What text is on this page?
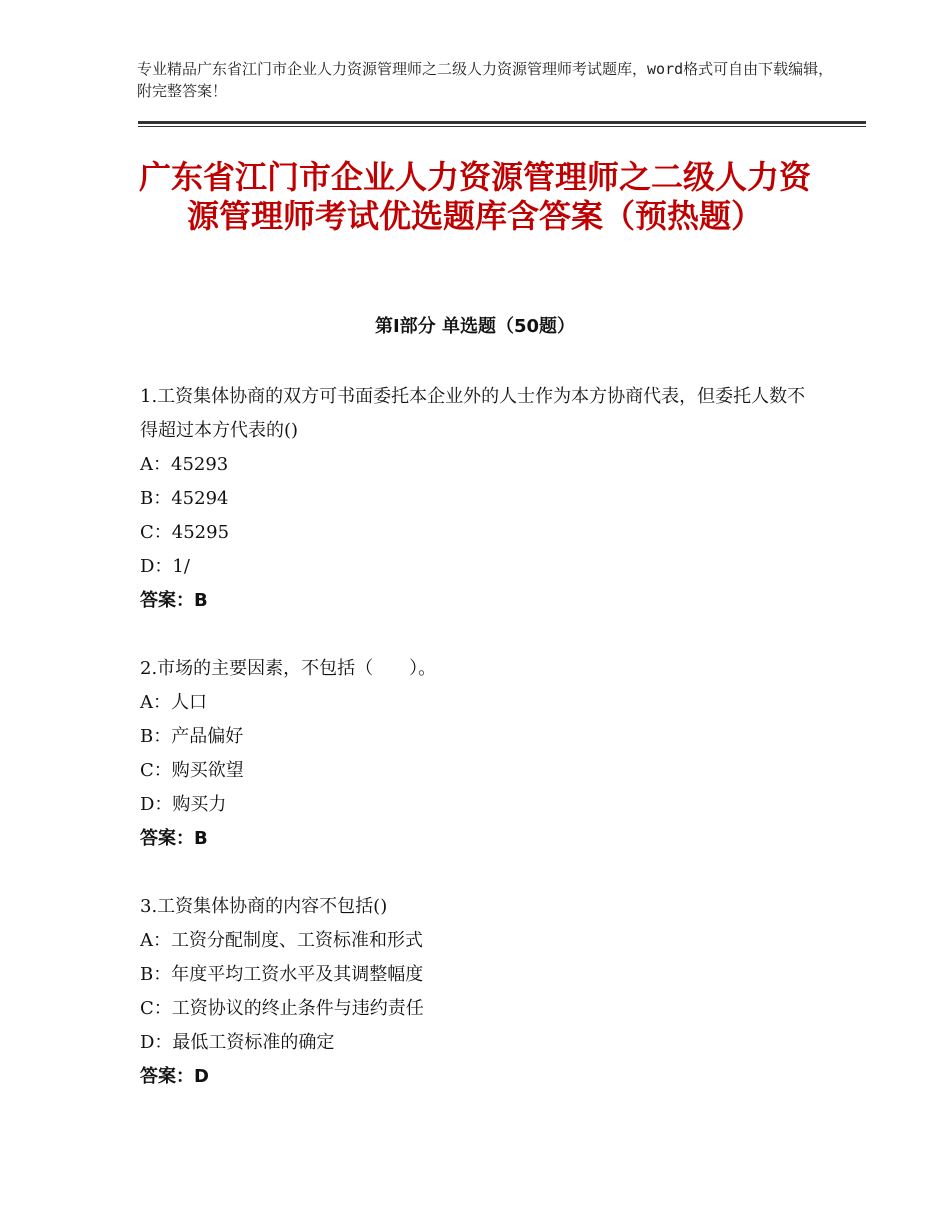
专业精品广东省江门市企业人力资源管理师之二级人力资源管理师考试题库，word格式可自由下载编辑，附完整答案！
广东省江门市企业人力资源管理师之二级人力资源管理师考试优选题库含答案（预热题）
第Ⅰ部分 单选题（50题）
1.工资集体协商的双方可书面委托本企业外的人士作为本方协商代表，但委托人数不得超过本方代表的()
A：45293
B：45294
C：45295
D：1/
答案：B
2.市场的主要因素，不包括（　　）。
A：人口
B：产品偏好
C：购买欲望
D：购买力
答案：B
3.工资集体协商的内容不包括()
A：工资分配制度、工资标准和形式
B：年度平均工资水平及其调整幅度
C：工资协议的终止条件与违约责任
D：最低工资标准的确定
答案：D
